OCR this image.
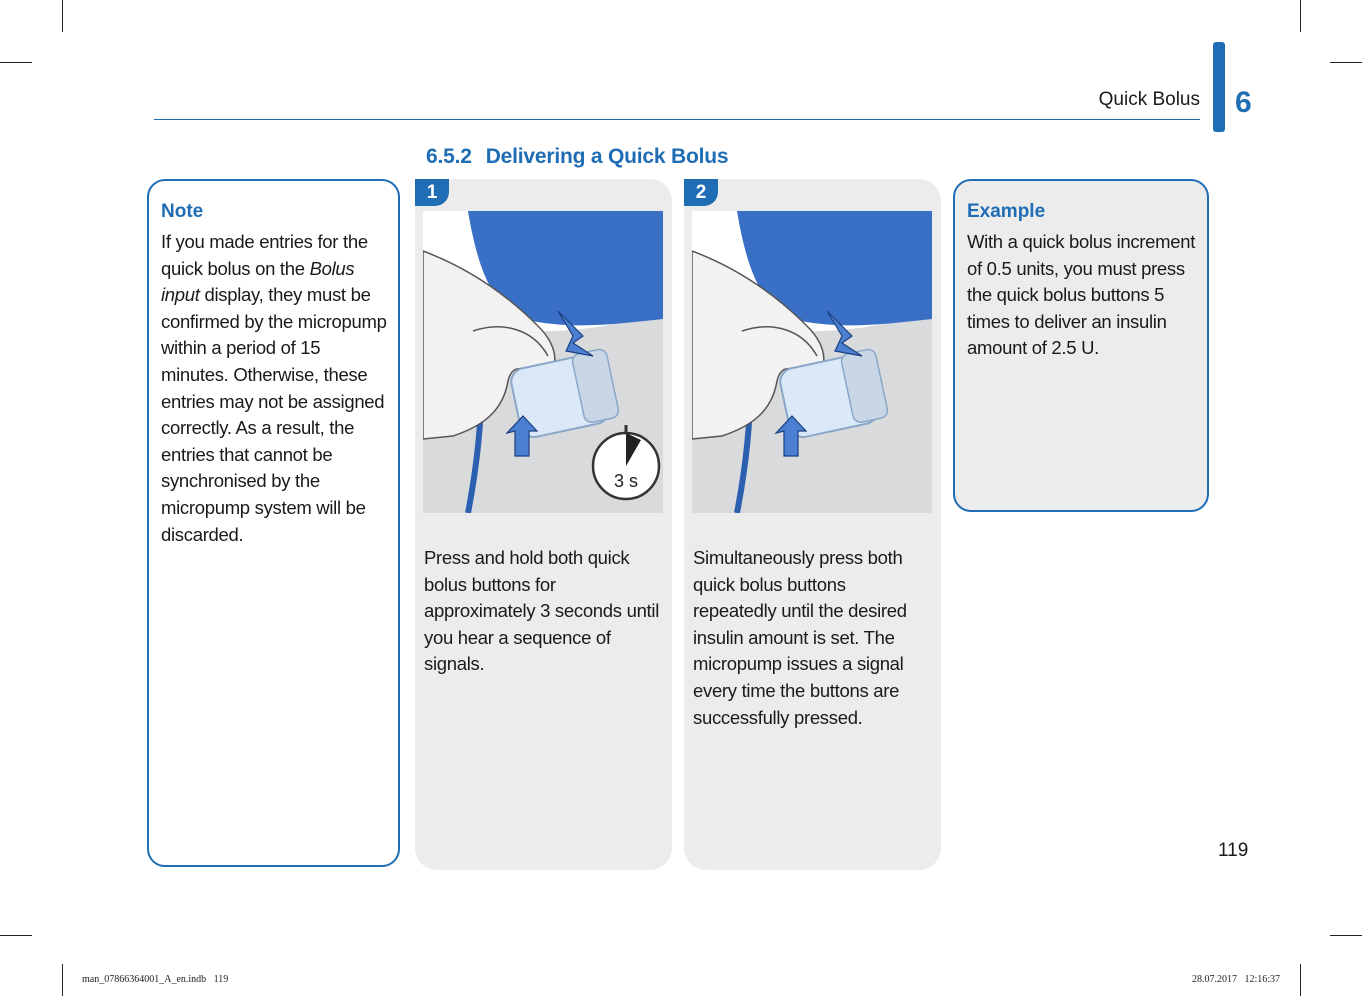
Quick Bolus 6
6.5.2 Delivering a Quick Bolus
Note
If you made entries for the quick bolus on the Bolus input display, they must be confirmed by the micropump within a period of 15 minutes. Otherwise, these entries may not be assigned correctly. As a result, the entries that cannot be synchronised by the micropump system will be discarded.
1
3 s
Press and hold both quick bolus buttons for approximately 3 seconds until you hear a sequence of signals.
2
Simultaneously press both quick bolus buttons repeatedly until the desired insulin amount is set. The micropump issues a signal every time the buttons are successfully pressed.
Example
With a quick bolus increment of 0.5 units, you must press the quick bolus buttons 5 times to deliver an insulin amount of 2.5 U.
119
man_07866364001_A_en.indb   119	28.07.2017   12:16:37
